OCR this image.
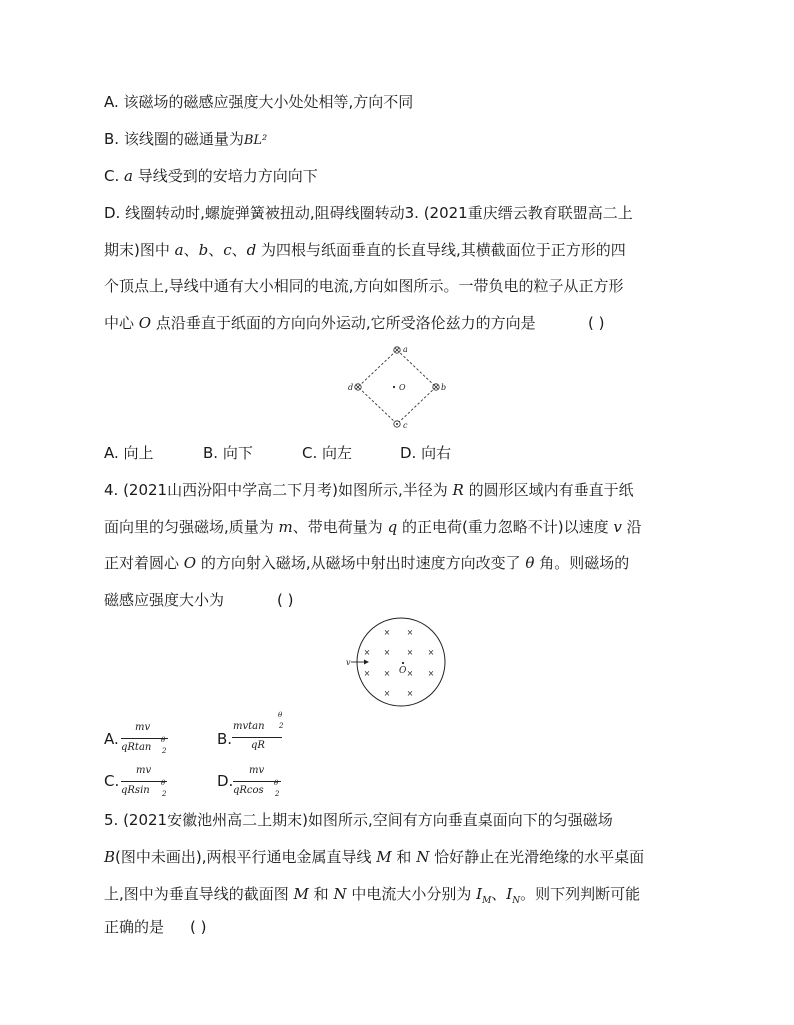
A. 该磁场的磁感应强度大小处处相等,方向不同
B. 该线圈的磁通量为BL²
C. a 导线受到的安培力方向向下
D. 线圈转动时,螺旋弹簧被扭动,阻碍线圈转动3. (2021重庆缙云教育联盟高二上
期末)图中 a、b、c、d 为四根与纸面垂直的长直导线,其横截面位于正方形的四
个顶点上,导线中通有大小相同的电流,方向如图所示。一带负电的粒子从正方形
中心 O 点沿垂直于纸面的方向向外运动,它所受洛伦兹力的方向是	( )
a
b
c
d	O
A. 向上	B. 向下	C. 向左	D. 向右
4. (2021山西汾阳中学高二下月考)如图所示,半径为 R 的圆形区域内有垂直于纸
面向里的匀强磁场,质量为 m、带电荷量为 q 的正电荷(重力忽略不计)以速度 v 沿
正对着圆心 O 的方向射入磁场,从磁场中射出时速度方向改变了 θ 角。则磁场的
磁感应强度大小为	( )
× ×
× × × ×
× × × ×
× ×
v
O
A.
mv
qRtan
θ
2
B.
mvtan
θ
2
qR
C.
mv
qRsin
θ
2
D.
mv
qRcos
θ
2
5. (2021安徽池州高二上期末)如图所示,空间有方向垂直桌面向下的匀强磁场
B(图中未画出),两根平行通电金属直导线 M 和 N 恰好静止在光滑绝缘的水平桌面
上,图中为垂直导线的截面图 M 和 N 中电流大小分别为 $I_M$、$I_N$。则下列判断可能
正确的是 ( )
